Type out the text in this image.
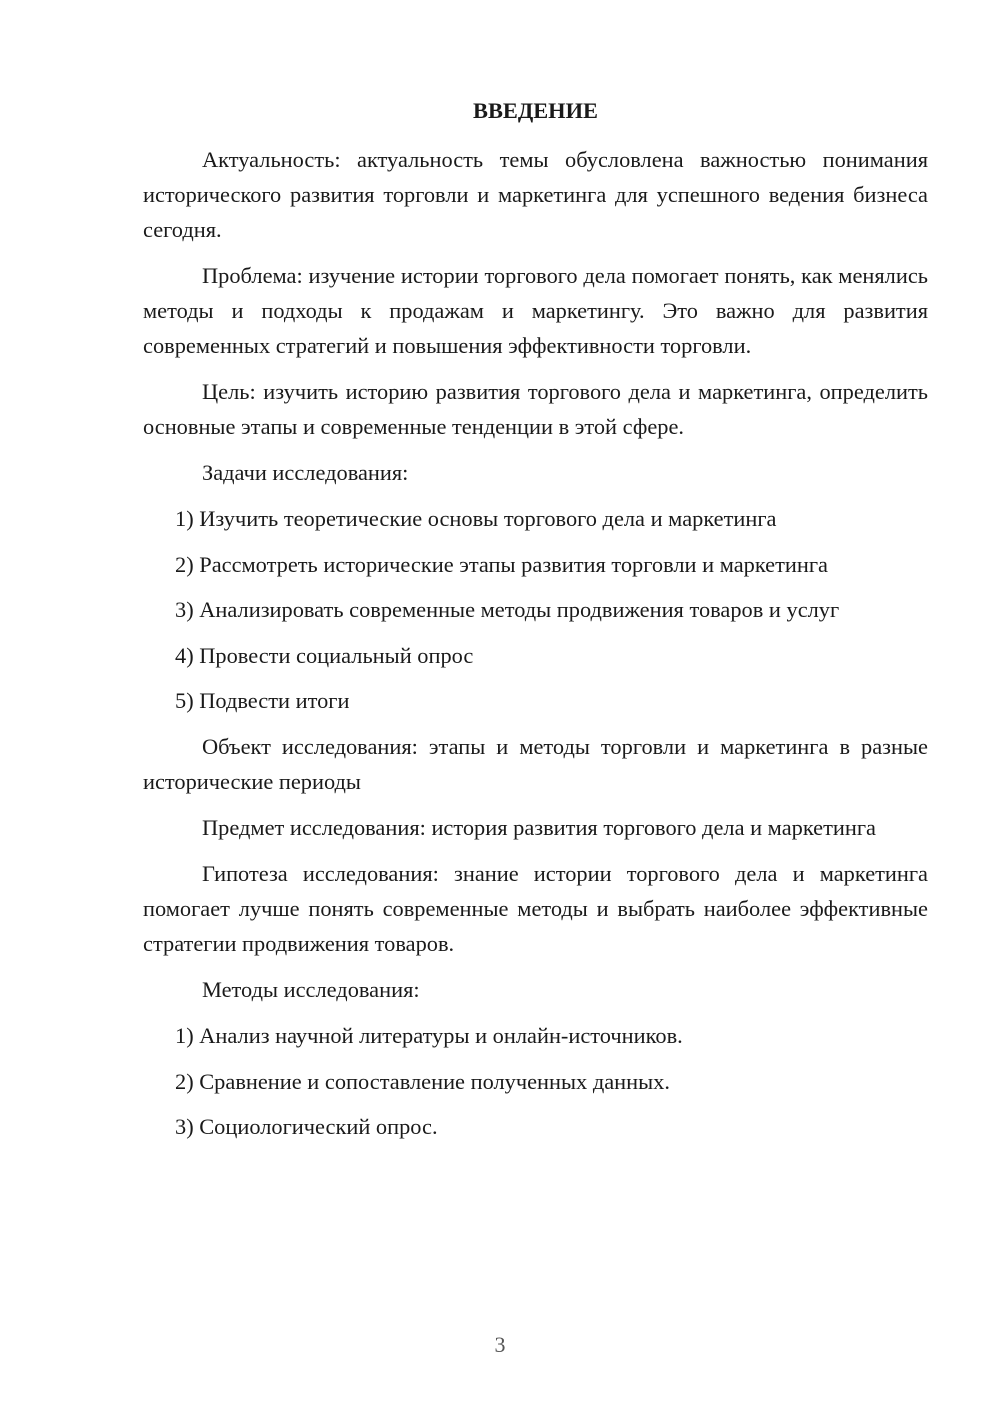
ВВЕДЕНИЕ

Актуальность: актуальность темы обусловлена важностью понимания исторического развития торговли и маркетинга для успешного ведения бизнеса сегодня.

Проблема: изучение истории торгового дела помогает понять, как менялись методы и подходы к продажам и маркетингу. Это важно для развития современных стратегий и повышения эффективности торговли.

Цель: изучить историю развития торгового дела и маркетинга, определить основные этапы и современные тенденции в этой сфере.

Задачи исследования:

1) Изучить теоретические основы торгового дела и маркетинга
2) Рассмотреть исторические этапы развития торговли и маркетинга
3) Анализировать современные методы продвижения товаров и услуг
4) Провести социальный опрос
5) Подвести итоги

Объект исследования: этапы и методы торговли и маркетинга в разные исторические периоды

Предмет исследования: история развития торгового дела и маркетинга

Гипотеза исследования: знание истории торгового дела и маркетинга помогает лучше понять современные методы и выбрать наиболее эффективные стратегии продвижения товаров.

Методы исследования:

1) Анализ научной литературы и онлайн-источников.
2) Сравнение и сопоставление полученных данных.
3) Социологический опрос.
3
